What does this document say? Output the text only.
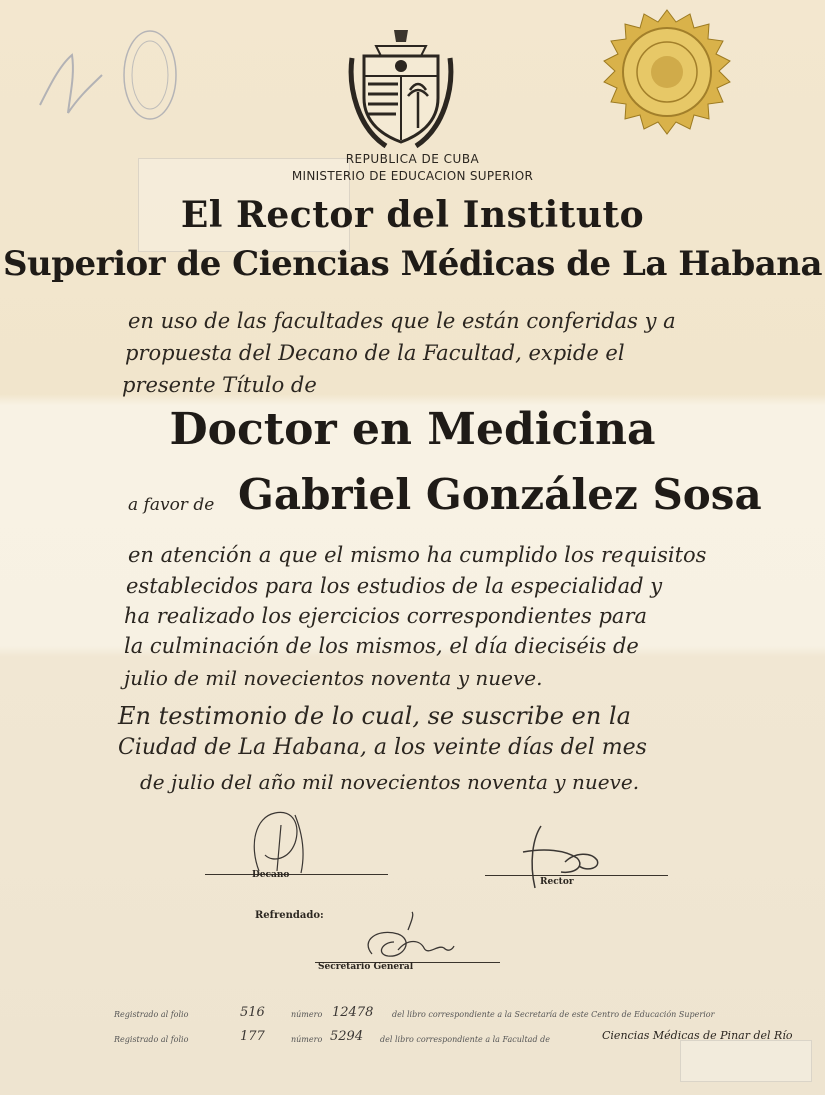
REPUBLICA DE CUBA
MINISTERIO DE EDUCACION SUPERIOR
El Rector del Instituto
Superior de Ciencias Médicas de La Habana
en uso de las facultades que le están conferidas y a
propuesta del Decano de la Facultad, expide el
presente Título de
Doctor en Medicina
a favor de Gabriel González Sosa
en atención a que el mismo ha cumplido los requisitos
establecidos para los estudios de la especialidad y
ha realizado los ejercicios correspondientes para
la culminación de los mismos, el día dieciséis de
julio de mil novecientos noventa y nueve.
En testimonio de lo cual, se suscribe en la
Ciudad de La Habana, a los veinte días del mes
de julio del año mil novecientos noventa y nueve.
Decano
Rector
Refrendado:
Secretario General
Registrado al folio	516	número 12478 del libro correspondiente a la Secretaría de este Centro de Educación Superior
Registrado al folio	177	número 5294 del libro correspondiente a la Facultad de	Ciencias Médicas de Pinar del Río
